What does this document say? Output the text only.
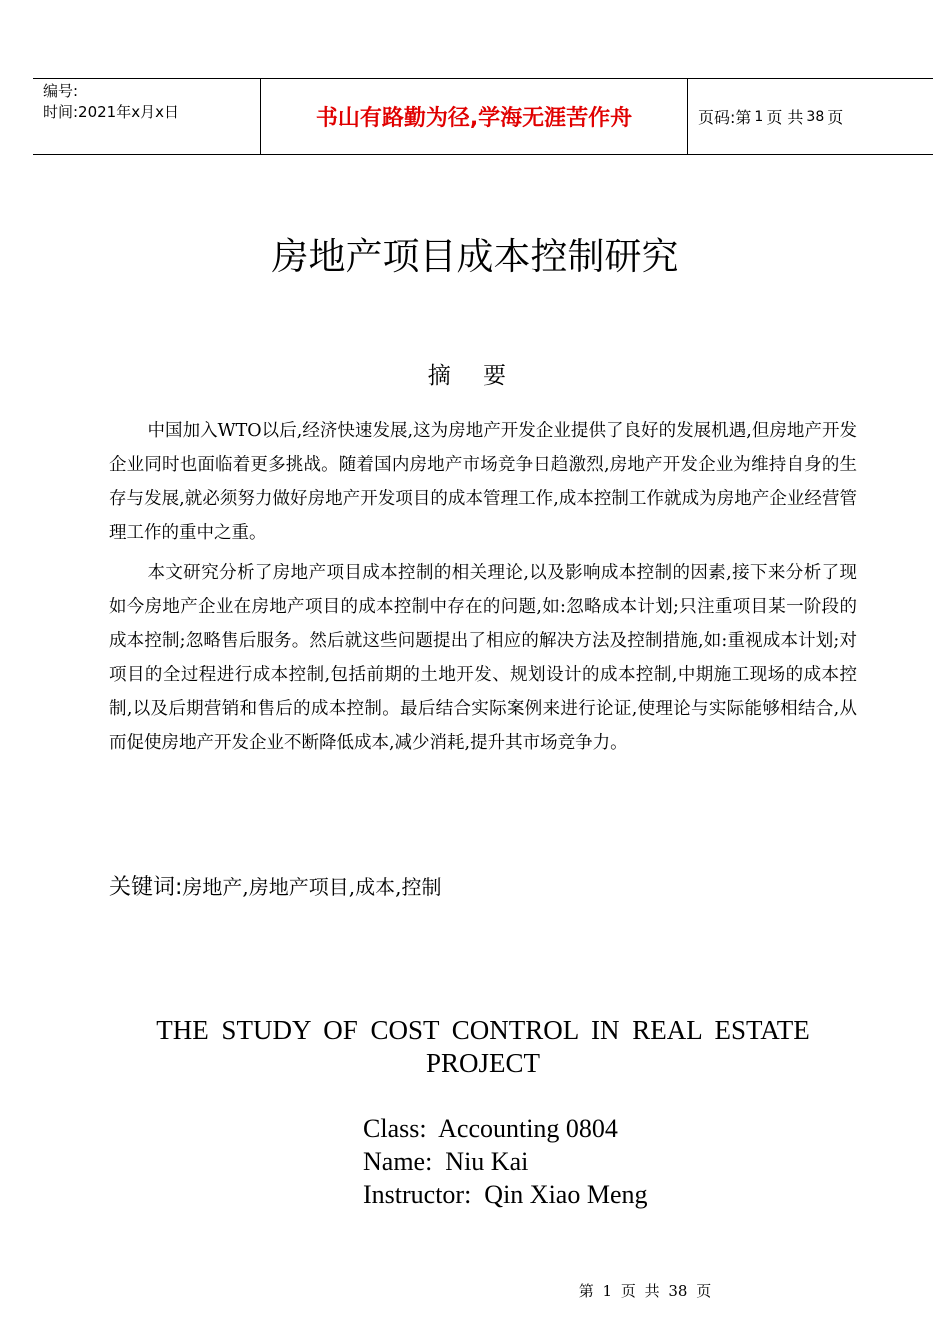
编号:
时间:2021年x月x日	书山有路勤为径,学海无涯苦作舟	页码:第 1 页 共 38 页
房地产项目成本控制研究
摘要

中国加入WTO以后,经济快速发展,这为房地产开发企业提供了良好的发展机遇,但房地产开发企业同时也面临着更多挑战。随着国内房地产市场竞争日趋激烈,房地产开发企业为维持自身的生存与发展,就必须努力做好房地产开发项目的成本管理工作,成本控制工作就成为房地产企业经营管理工作的重中之重。

本文研究分析了房地产项目成本控制的相关理论,以及影响成本控制的因素,接下来分析了现如今房地产企业在房地产项目的成本控制中存在的问题,如:忽略成本计划;只注重项目某一阶段的成本控制;忽略售后服务。然后就这些问题提出了相应的解决方法及控制措施,如:重视成本计划;对项目的全过程进行成本控制,包括前期的土地开发、规划设计的成本控制,中期施工现场的成本控制,以及后期营销和售后的成本控制。最后结合实际案例来进行论证,使理论与实际能够相结合,从而促使房地产开发企业不断降低成本,减少消耗,提升其市场竞争力。

关键词:房地产,房地产项目,成本,控制
THE STUDY OF COST CONTROL IN REAL ESTATE PROJECT
Class:  Accounting 0804
Name:  Niu Kai
Instructor:  Qin Xiao Meng
第 1 页 共 38 页
